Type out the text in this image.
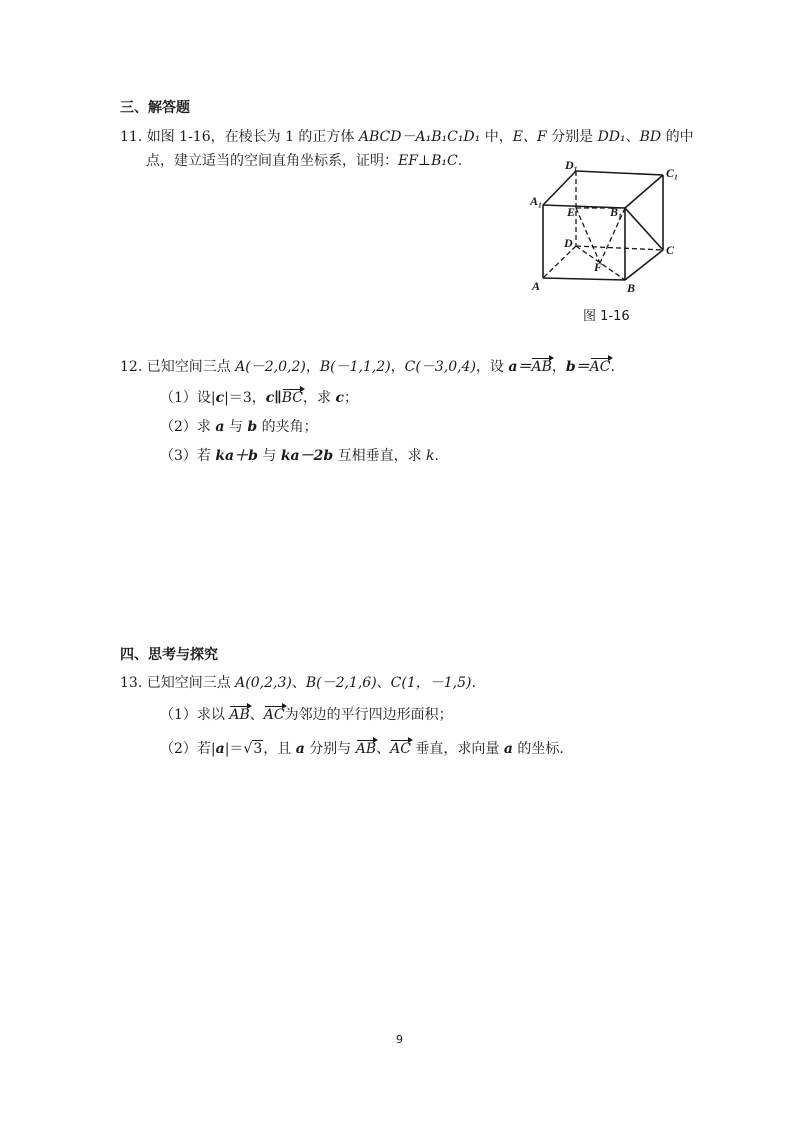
三、解答题
11. 如图 1-16，在棱长为 1 的正方体 ABCD－A₁B₁C₁D₁ 中，E、F 分别是 DD₁、BD 的中
点，建立适当的空间直角坐标系，证明：EF⊥B₁C.	D₁
C₁
A₁
E	B₁
D	C
F
A	B
图 1-16
12. 已知空间三点 A(－2,0,2)，B(－1,1,2)，C(－3,0,4)，设 a＝AB，b＝AC.
（1）设|c|＝3，c∥BC，求 c；
（2）求 a 与 b 的夹角；
（3）若 ka＋b 与 ka－2b 互相垂直，求 k.
四、思考与探究
13. 已知空间三点 A(0,2,3)、B(－2,1,6)、C(1，－1,5).
（1）求以 AB、AC为邻边的平行四边形面积；
（2）若|a|＝√3，且 a 分别与 AB、AC 垂直，求向量 a 的坐标.
9
